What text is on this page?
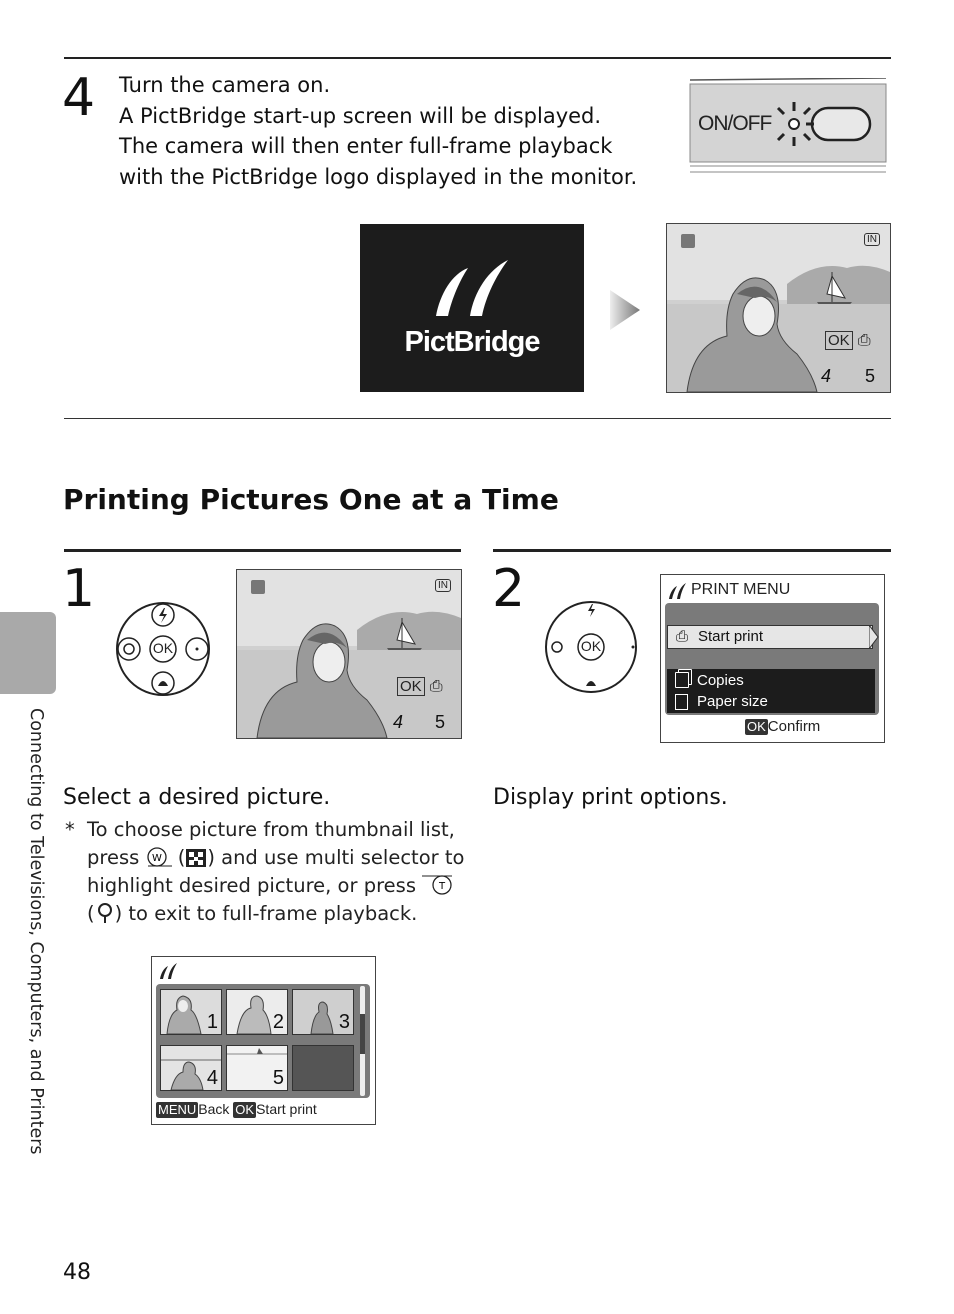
4 Turn the camera on.
A PictBridge start-up screen will be displayed.
The camera will then enter full-frame playback
with the PictBridge logo displayed in the monitor.
ON/OFF
PictBridge
IN
OK ⎙
4 5
Printing Pictures One at a Time
1
OK
IN
OK ⎙
4 5
Select a desired picture.
* To choose picture from thumbnail list,
press W ( ) and use multi selector to
highlight desired picture, or press T
( ) to exit to full-frame playback.
1	2	3
4	5
MENU Back OK Start print
2
OK
PRINT MENU
⎙ Start print
Copies
Paper size
OK Confirm
Display print options.
Connecting to Televisions, Computers, and Printers
48
